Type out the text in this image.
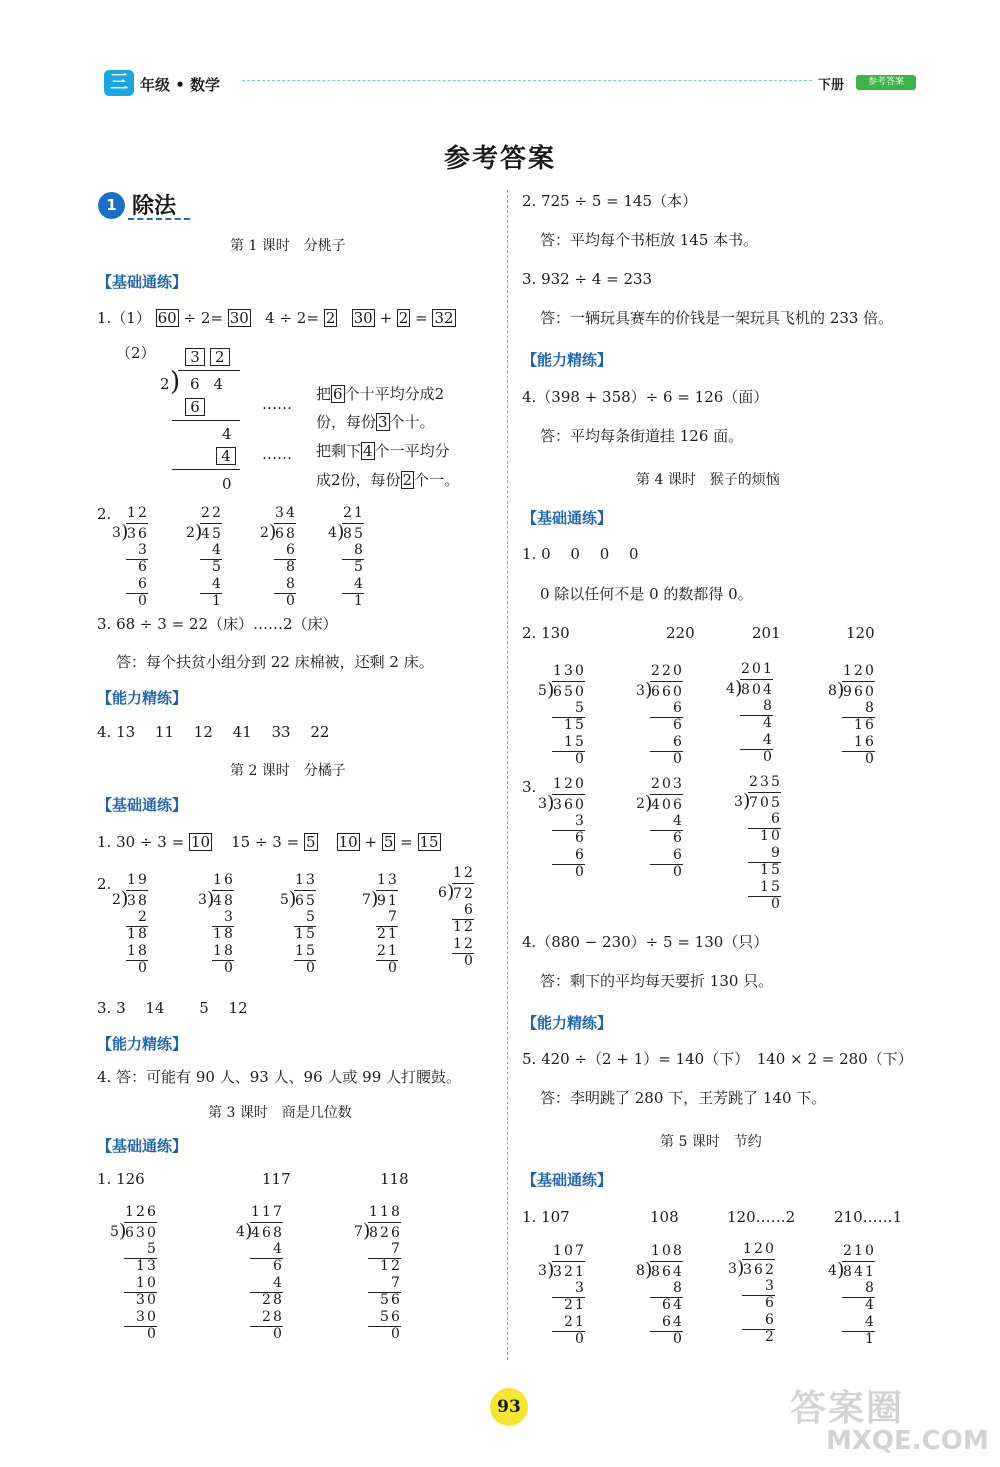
三 年级 • 数学	下册	参考答案
参考答案
1 除法
第 1 课时　分桃子
【基础通练】
1.（1） 60 ÷ 2= 30 4 ÷ 2= 2 30 + 2 = 32
（2）	3 2
)
2 64
6
4
4
0
……
……
把 6 个十平均分成2
份，每份 3 个十。
把剩下 4 个一平均分
成2份，每份 2 个一。
2. 1 2
3 )
3 6
3
6
6
0
2 2
2 )
4 5
4
5
4
1
3 4
2 )
6 8
6
8
8
0
2 1
4 )
8 5
8
5
4
1
3. 68 ÷ 3 = 22（床）……2（床）
答：每个扶贫小组分到 22 床棉被，还剩 2 床。
【能力精练】
4. 13　 11　 12　 41　 33　 22
第 2 课时　分橘子
【基础通练】
1. 30 ÷ 3 = 10 15 ÷ 3 = 5 10 + 5 = 15
2. 1 9
2 )
3 8
2
1 8
1 8
0
1 6
3 )
4 8
3
1 8
1 8
0
1 3
5 )
6 5
5
1 5
1 5
0
1 3
7 )
9 1
7
2 1
2 1
0
1 2
6 )
7 2
6
1 2
1 2
0
3. 3　 14　　 5　 12
【能力精练】
4. 答：可能有 90 人、93 人、96 人或 99 人打腰鼓。
第 3 课时　商是几位数
【基础通练】
1. 126	117	118
1 2 6
5 )
6 3 0
5
1 3
1 0
3 0
3 0
0
1 1 7
4 )
4 6 8
4
6
4
2 8
2 8
0
1 1 8
7 )
8 2 6
7
1 2
7
5 6
5 6
0
2. 725 ÷ 5 = 145（本）
答：平均每个书柜放 145 本书。
3. 932 ÷ 4 = 233
答：一辆玩具赛车的价钱是一架玩具飞机的 233 倍。
【能力精练】
4.（398 + 358）÷ 6 = 126（面）
答：平均每条街道挂 126 面。
第 4 课时　猴子的烦恼
【基础通练】
1. 0　 0　 0　 0
0 除以任何不是 0 的数都得 0。
2. 130	220	201	120
1 3 0
5 )
6 5 0
5
1 5
1 5
0
2 2 0
3 )
6 6 0
6
6
6
0
2 0 1
4 )
8 0 4
8
4
4
0
1 2 0
8 )
9 6 0
8
1 6
1 6
0
3. 1 2 0
3 )
3 6 0
3
6
6
0
2 0 3
2 )
4 0 6
4
6
6
0
2 3 5
3 )
7 0 5
6
1 0
9
1 5
1 5
0
4.（880 − 230）÷ 5 = 130（只）
答：剩下的平均每天要折 130 只。
【能力精练】
5. 420 ÷（2 + 1）= 140（下）　140 × 2 = 280（下）
答：李明跳了 280 下，王芳跳了 140 下。
第 5 课时　节约
【基础通练】
1. 107	108	120……2	210……1
1 0 7
3 )
3 2 1
3
2 1
2 1
0
1 0 8
8 )
8 6 4
8
6 4
6 4
0
1 2 0
3 )
3 6 2
3
6
6
2
2 1 0
4 )
8 4 1
8
4
4
1
93	答案圈
MXQE.COM
